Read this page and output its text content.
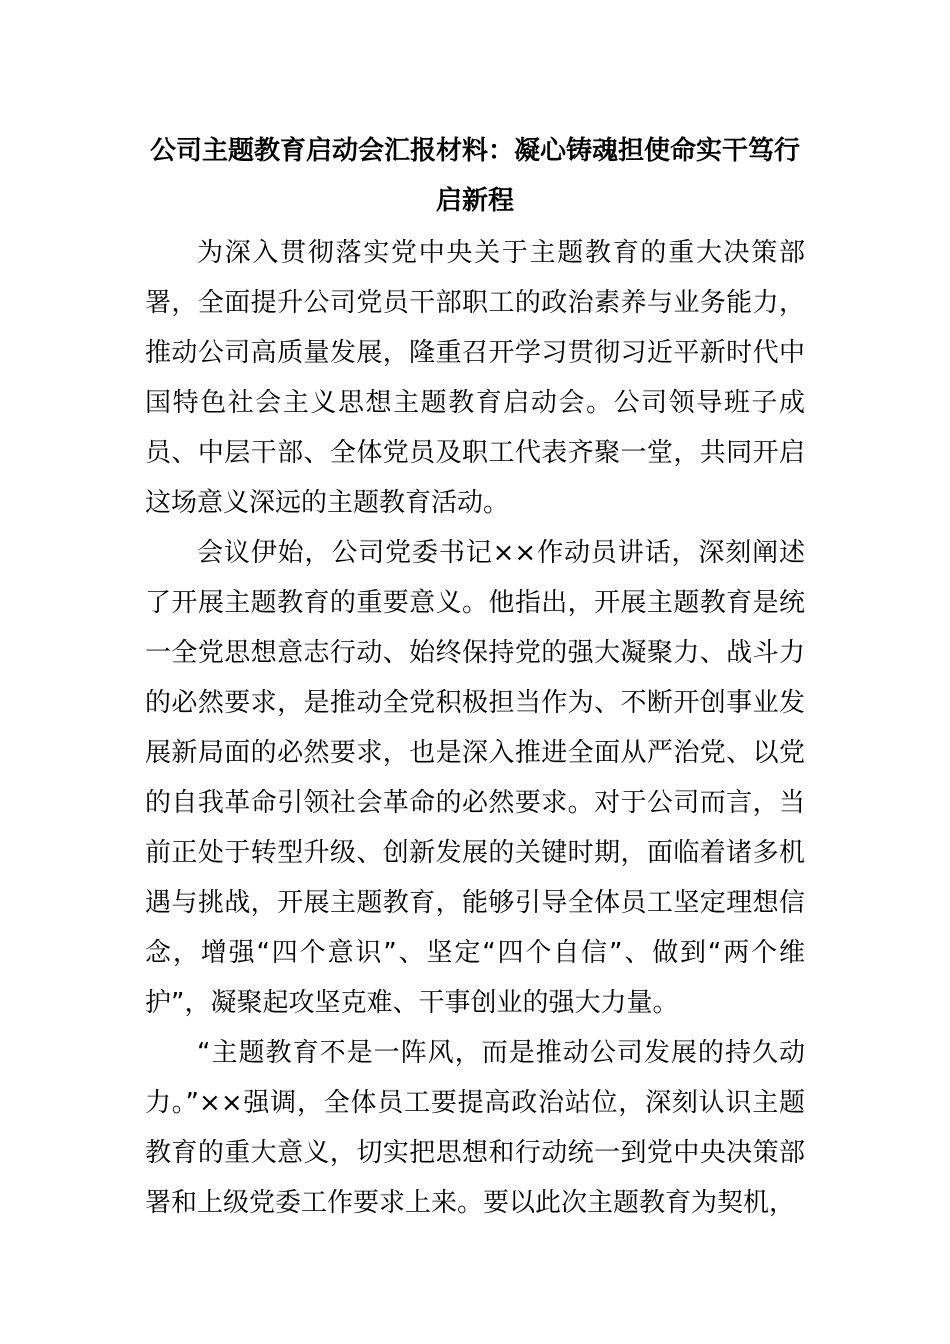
公司主题教育启动会汇报材料：凝心铸魂担使命实干笃行启新程

为深入贯彻落实党中央关于主题教育的重大决策部署，全面提升公司党员干部职工的政治素养与业务能力，推动公司高质量发展，隆重召开学习贯彻习近平新时代中国特色社会主义思想主题教育启动会。公司领导班子成员、中层干部、全体党员及职工代表齐聚一堂，共同开启这场意义深远的主题教育活动。

会议伊始，公司党委书记××作动员讲话，深刻阐述了开展主题教育的重要意义。他指出，开展主题教育是统一全党思想意志行动、始终保持党的强大凝聚力、战斗力的必然要求，是推动全党积极担当作为、不断开创事业发展新局面的必然要求，也是深入推进全面从严治党、以党的自我革命引领社会革命的必然要求。对于公司而言，当前正处于转型升级、创新发展的关键时期，面临着诸多机遇与挑战，开展主题教育，能够引导全体员工坚定理想信念，增强“四个意识”、坚定“四个自信”、做到“两个维护”，凝聚起攻坚克难、干事创业的强大力量。

“主题教育不是一阵风，而是推动公司发展的持久动力。”××强调，全体员工要提高政治站位，深刻认识主题教育的重大意义，切实把思想和行动统一到党中央决策部署和上级党委工作要求上来。要以此次主题教育为契机，
